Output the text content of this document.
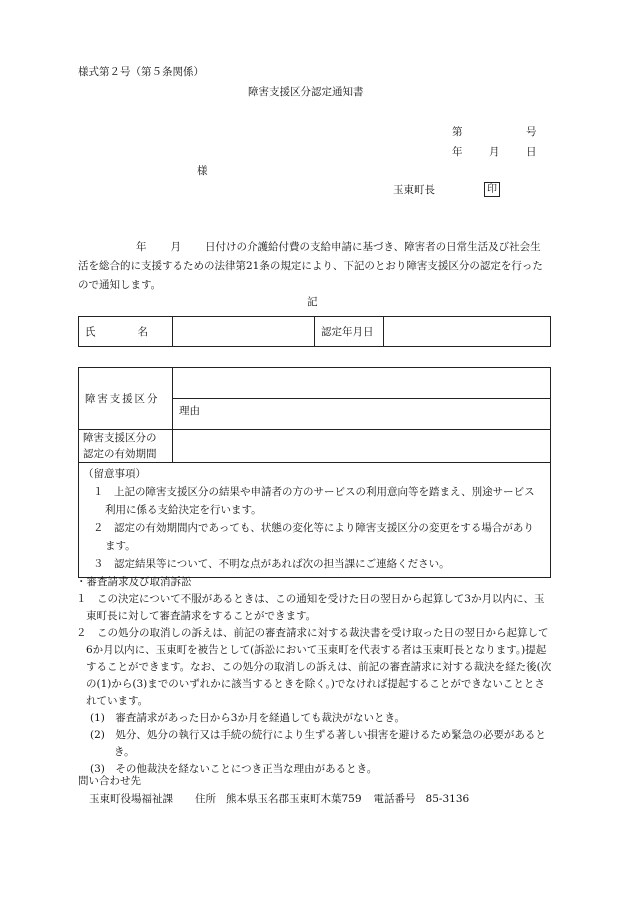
様式第２号（第５条関係）
障害支援区分認定通知書
第	号
年	月	日
様
玉東町長	印
年 月 日付けの介護給付費の支給申請に基づき、障害者の日常生活及び社会生活を総合的に支援するための法律第21条の規定により、下記のとおり障害支援区分の認定を行ったので通知します。
記
氏　　　　名		認定年月日	
障害支援区分	
	理由

障害支援区分の
認定の有効期間	

（留意事項）
１　上記の障害支援区分の結果や申請者の方のサービスの利用意向等を踏まえ、別途サービス利用に係る支給決定を行います。
２　認定の有効期間内であっても、状態の変化等により障害支援区分の変更をする場合があります。
３　認定結果等について、不明な点があれば次の担当課にご連絡ください。	
・審査請求及び取消訴訟
１　この決定について不服があるときは、この通知を受けた日の翌日から起算して3か月以内に、玉東町長に対して審査請求をすることができます。
２　この処分の取消しの訴えは、前記の審査請求に対する裁決書を受け取った日の翌日から起算して6か月以内に、玉東町を被告として(訴訟において玉東町を代表する者は玉東町長となります。)提起することができます。なお、この処分の取消しの訴えは、前記の審査請求に対する裁決を経た後(次の(1)から(3)までのいずれかに該当するときを除く。)でなければ提起することができないこととされています。
(1)　審査請求があった日から3か月を経過しても裁決がないとき。
(2)　処分、処分の執行又は手続の続行により生ずる著しい損害を避けるため緊急の必要があるとき。
(3)　その他裁決を経ないことにつき正当な理由があるとき。
問い合わせ先
玉東町役場福祉課 住所 熊本県玉名郡玉東町木葉759 電話番号 85-3136
